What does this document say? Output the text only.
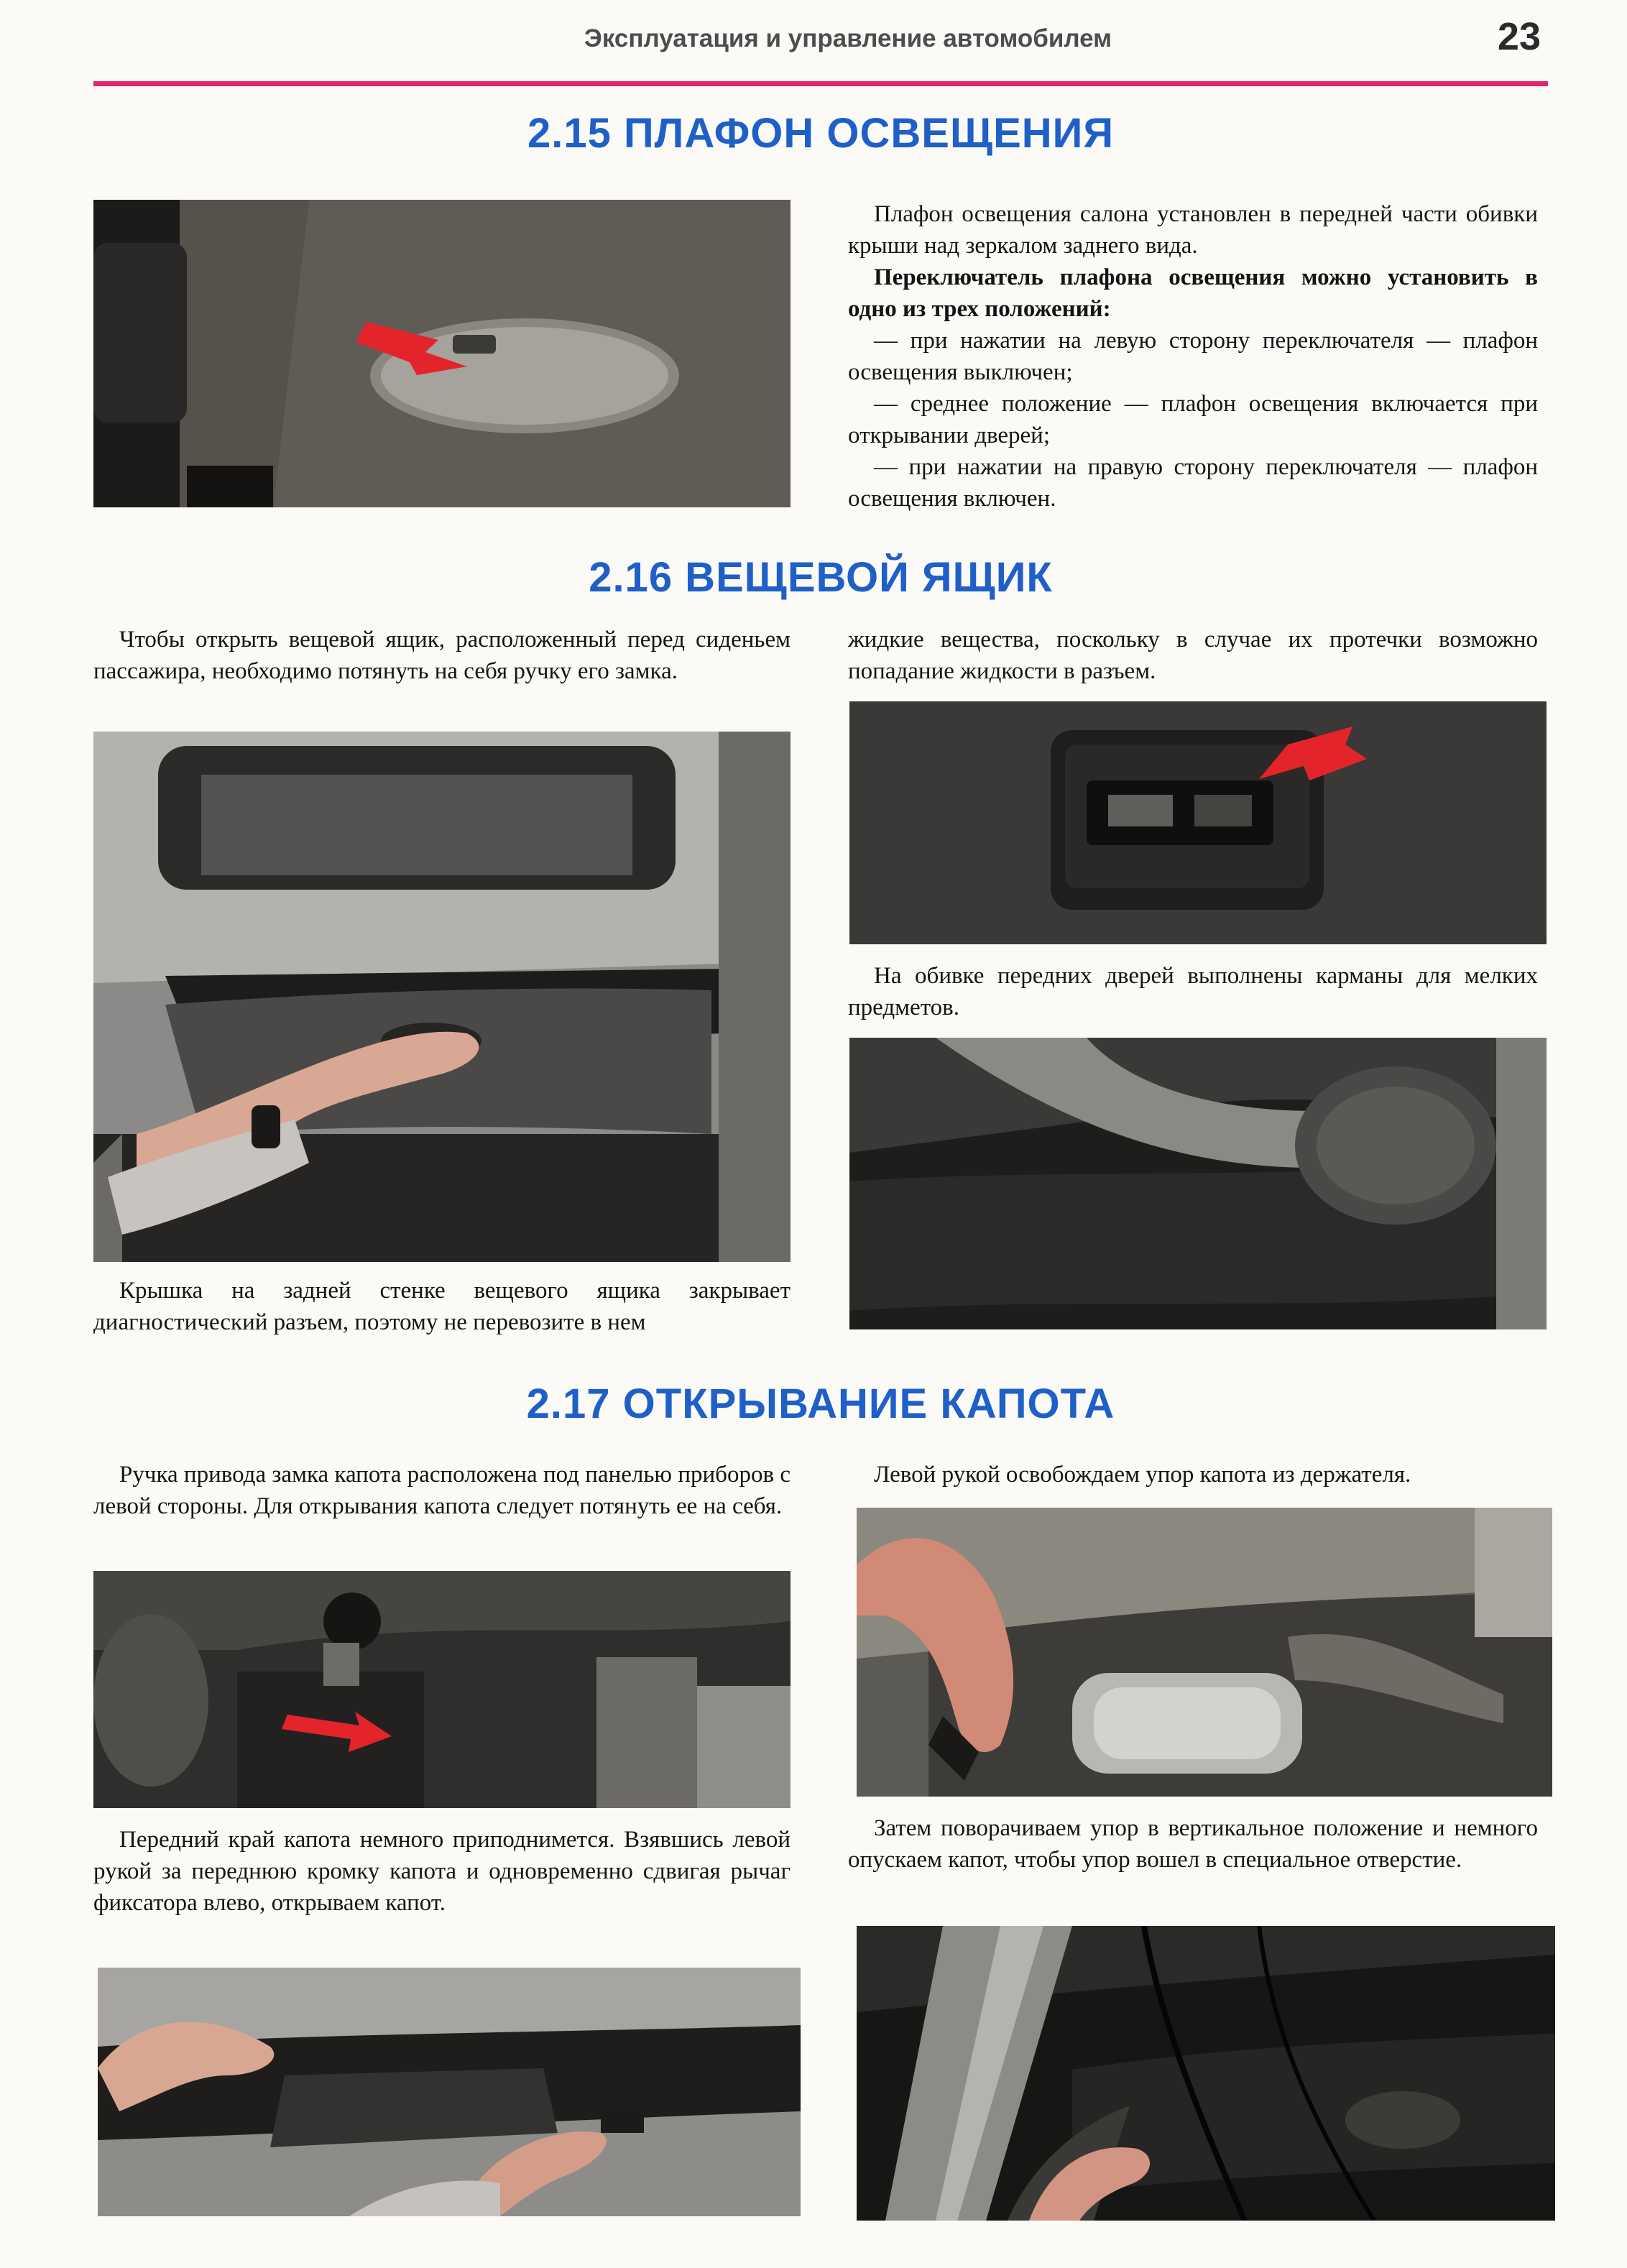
Эксплуатация и управление автомобилем	23
2.15 ПЛАФОН ОСВЕЩЕНИЯ
Плафон освещения салона установлен в передней части обивки крыши над зеркалом заднего вида.
Переключатель плафона освещения можно установить в одно из трех положений:
— при нажатии на левую сторону переключателя — плафон освещения выключен;
— среднее положение — плафон освещения включается при открывании дверей;
— при нажатии на правую сторону переключателя — плафон освещения включен.
2.16 ВЕЩЕВОЙ ЯЩИК
Чтобы открыть вещевой ящик, расположенный перед сиденьем пассажира, необходимо потянуть на себя ручку его замка.
Крышка на задней стенке вещевого ящика закрывает диагностический разъем, поэтому не перевозите в нем
жидкие вещества, поскольку в случае их протечки возможно попадание жидкости в разъем.
На обивке передних дверей выполнены карманы для мелких предметов.
2.17 ОТКРЫВАНИЕ КАПОТА
Ручка привода замка капота расположена под панелью приборов с левой стороны. Для открывания капота следует потянуть ее на себя.
Передний край капота немного приподнимется. Взявшись левой рукой за переднюю кромку капота и одновременно сдвигая рычаг фиксатора влево, открываем капот.
Левой рукой освобождаем упор капота из держателя.
Затем поворачиваем упор в вертикальное положение и немного опускаем капот, чтобы упор вошел в специальное отверстие.
